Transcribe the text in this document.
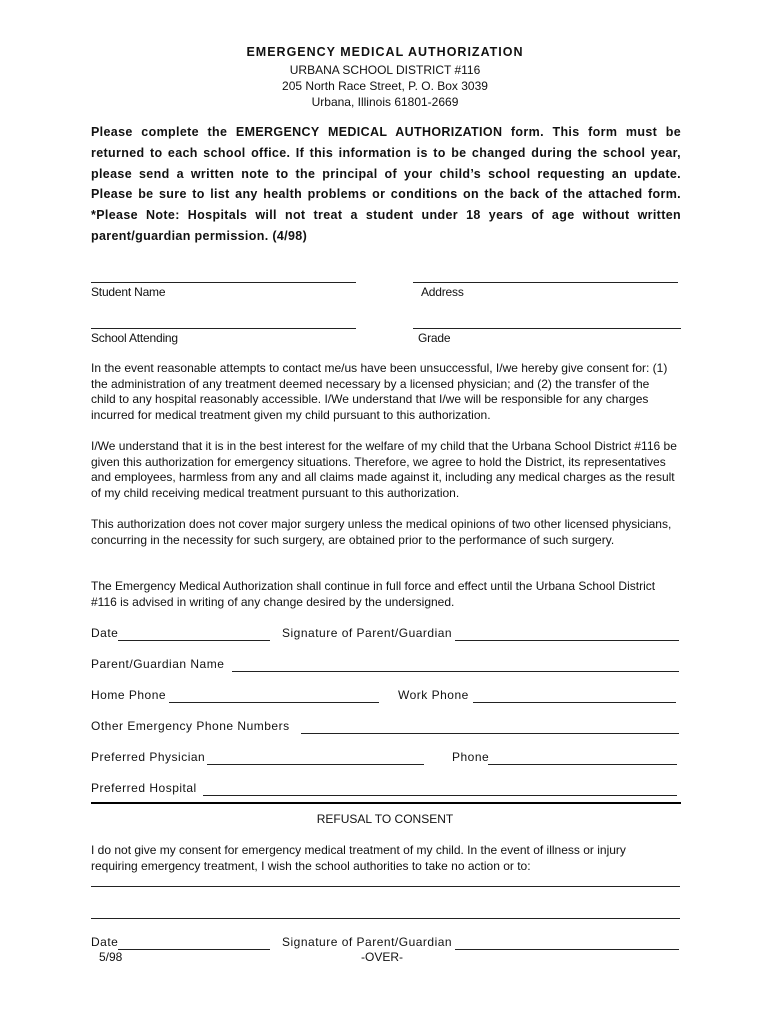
EMERGENCY MEDICAL AUTHORIZATION
URBANA SCHOOL DISTRICT #116
205 North Race Street, P. O. Box 3039
Urbana, Illinois 61801-2669
Please complete the EMERGENCY MEDICAL AUTHORIZATION form. This form must be returned to each school office. If this information is to be changed during the school year, please send a written note to the principal of your child’s school requesting an update. Please be sure to list any health problems or conditions on the back of the attached form. *Please Note: Hospitals will not treat a student under 18 years of age without written parent/guardian permission. (4/98)
Student Name	Address
School Attending	Grade
In the event reasonable attempts to contact me/us have been unsuccessful, I/we hereby give consent for: (1) the administration of any treatment deemed necessary by a licensed physician; and (2) the transfer of the child to any hospital reasonably accessible. I/We understand that I/we will be responsible for any charges incurred for medical treatment given my child pursuant to this authorization.
I/We understand that it is in the best interest for the welfare of my child that the Urbana School District #116 be given this authorization for emergency situations. Therefore, we agree to hold the District, its representatives and employees, harmless from any and all claims made against it, including any medical charges as the result of my child receiving medical treatment pursuant to this authorization.
This authorization does not cover major surgery unless the medical opinions of two other licensed physicians, concurring in the necessity for such surgery, are obtained prior to the performance of such surgery.
The Emergency Medical Authorization shall continue in full force and effect until the Urbana School District #116 is advised in writing of any change desired by the undersigned.
Date	Signature of Parent/Guardian
Parent/Guardian Name
Home Phone	Work Phone
Other Emergency Phone Numbers
Preferred Physician	Phone
Preferred Hospital
REFUSAL TO CONSENT
I do not give my consent for emergency medical treatment of my child. In the event of illness or injury requiring emergency treatment, I wish the school authorities to take no action or to:
Date	Signature of Parent/Guardian
5/98	-OVER-
